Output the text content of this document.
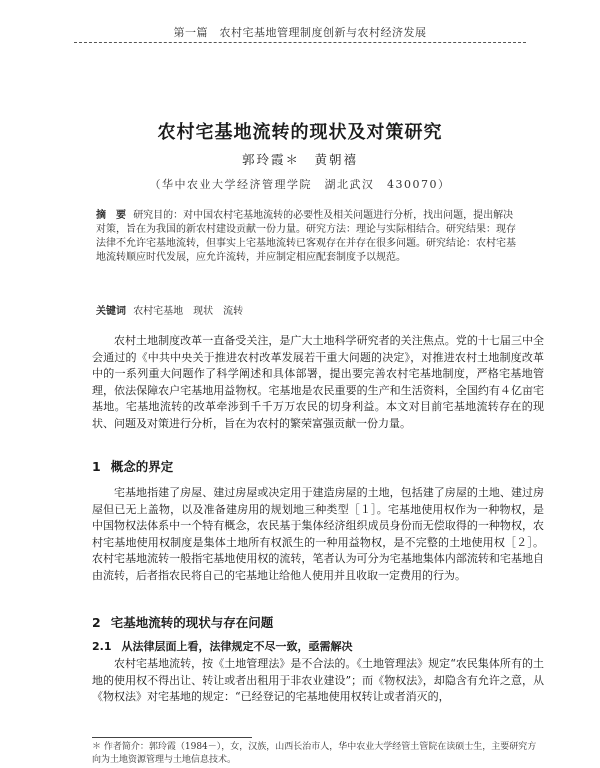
第一篇　农村宅基地管理制度创新与农村经济发展
农村宅基地流转的现状及对策研究
郭玲霞＊　黄朝禧
（华中农业大学经济管理学院　湖北武汉　430070）
摘　要 研究目的：对中国农村宅基地流转的必要性及相关问题进行分析，找出问题，提出解决对策，旨在为我国的新农村建设贡献一份力量。研究方法：理论与实际相结合。研究结果：现存法律不允许宅基地流转，但事实上宅基地流转已客观存在并存在很多问题。研究结论：农村宅基地流转顺应时代发展，应允许流转，并应制定相应配套制度予以规范。
关键词 农村宅基地　现状　流转
农村土地制度改革一直备受关注，是广大土地科学研究者的关注焦点。党的十七届三中全会通过的《中共中央关于推进农村改革发展若干重大问题的决定》，对推进农村土地制度改革中的一系列重大问题作了科学阐述和具体部署，提出要完善农村宅基地制度，严格宅基地管理，依法保障农户宅基地用益物权。宅基地是农民重要的生产和生活资料，全国约有４亿亩宅基地。宅基地流转的改革牵涉到千千万万农民的切身利益。本文对目前宅基地流转存在的现状、问题及对策进行分析，旨在为农村的繁荣富强贡献一份力量。
1 概念的界定
宅基地指建了房屋、建过房屋或决定用于建造房屋的土地，包括建了房屋的土地、建过房屋但已无上盖物，以及准备建房用的规划地三种类型［１］。宅基地使用权作为一种物权，是中国物权法体系中一个特有概念，农民基于集体经济组织成员身份而无偿取得的一种物权，农村宅基地使用权制度是集体土地所有权派生的一种用益物权，是不完整的土地使用权［２］。农村宅基地流转一般指宅基地使用权的流转，笔者认为可分为宅基地集体内部流转和宅基地自由流转，后者指农民将自己的宅基地让给他人使用并且收取一定费用的行为。
2 宅基地流转的现状与存在问题
2.1 从法律层面上看，法律规定不尽一致，亟需解决
农村宅基地流转，按《土地管理法》是不合法的。《土地管理法》规定“农民集体所有的土地的使用权不得出让、转让或者出租用于非农业建设”；而《物权法》，却隐含有允许之意，从《物权法》对宅基地的规定：“已经登记的宅基地使用权转让或者消灭的，
＊ 作者简介：郭玲霞（1984－），女，汉族，山西长治市人，华中农业大学经管土管院在读硕士生，主要研究方向为土地资源管理与土地信息技术。
